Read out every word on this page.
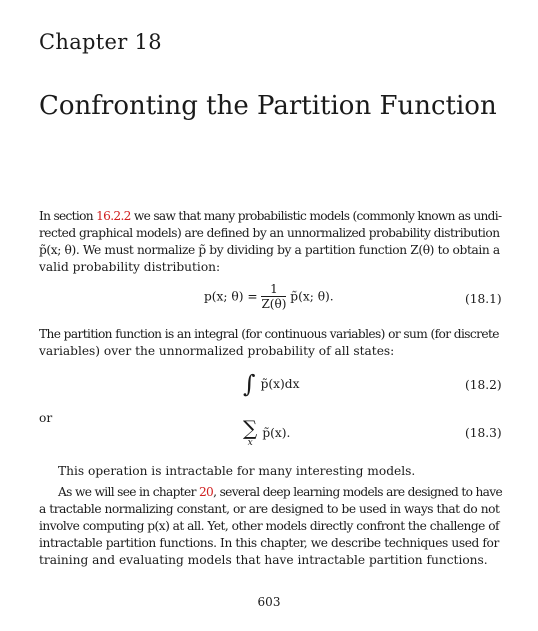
Chapter 18
Confronting the Partition Function
In section 16.2.2 we saw that many probabilistic models (commonly known as undi-
rected graphical models) are defined by an unnormalized probability distribution
p̃(x; θ). We must normalize p̃ by dividing by a partition function Z(θ) to obtain a
valid probability distribution:
p(x; $\theta) = \frac{1}{Z(\theta)}$ p̃(x; θ).	(18.1)
The partition function is an integral (for continuous variables) or sum (for discrete
variables) over the unnormalized probability of all states:
∫ p̃(x)dx	(18.2)
or	∑
x
p̃(x).	(18.3)
This operation is intractable for many interesting models.
As we will see in chapter 20, several deep learning models are designed to have
a tractable normalizing constant, or are designed to be used in ways that do not
involve computing p(x) at all. Yet, other models directly confront the challenge of
intractable partition functions. In this chapter, we describe techniques used for
training and evaluating models that have intractable partition functions.
603
